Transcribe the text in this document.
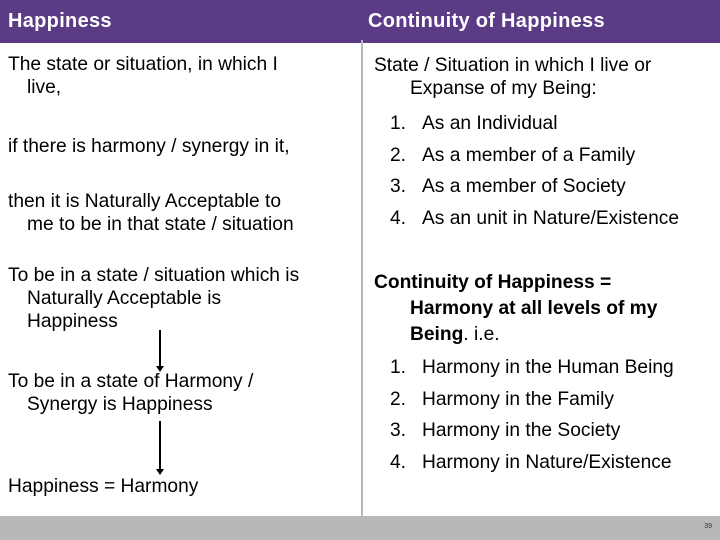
Happiness	Continuity of Happiness
The state or situation, in which I
live,
if there is harmony / synergy in it,
then it is Naturally Acceptable to
me to be in that state / situation
To be in a state / situation which is
Naturally Acceptable is
Happiness
To be in a state of Harmony /
Synergy is Happiness
Happiness = Harmony
State / Situation in which I live or
Expanse of my Being:
1. As an Individual
2. As a member of a Family
3. As a member of Society
4. As an unit in Nature/Existence
Continuity of Happiness =
Harmony at all levels of my
Being. i.e.
1. Harmony in the Human Being
2. Harmony in the Family
3. Harmony in the Society
4. Harmony in Nature/Existence
39
